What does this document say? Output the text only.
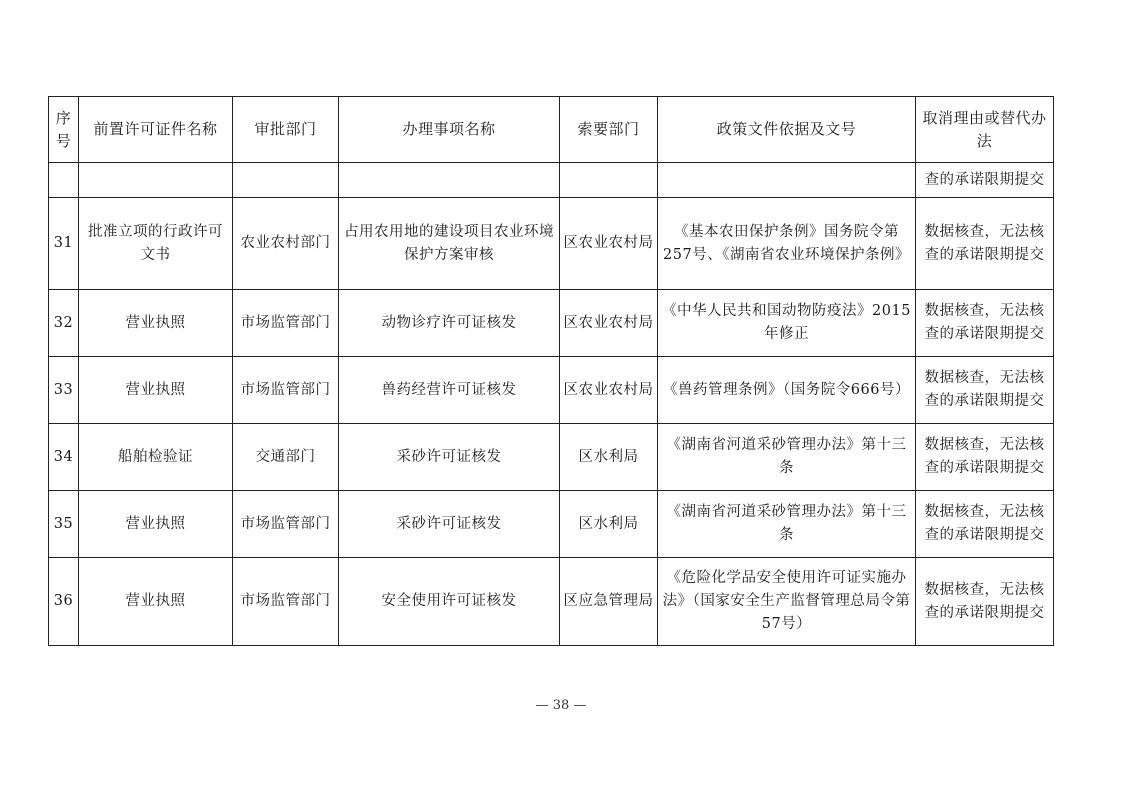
序号	前置许可证件名称	审批部门	办理事项名称	索要部门	政策文件依据及文号	取消理由或替代办法
						查的承诺限期提交
31	批准立项的行政许可文书	农业农村部门	占用农用地的建设项目农业环境保护方案审核	区农业农村局	《基本农田保护条例》国务院令第257号、《湖南省农业环境保护条例》	数据核查，无法核查的承诺限期提交
32	营业执照	市场监管部门	动物诊疗许可证核发	区农业农村局	《中华人民共和国动物防疫法》2015年修正	数据核查，无法核查的承诺限期提交
33	营业执照	市场监管部门	兽药经营许可证核发	区农业农村局	《兽药管理条例》（国务院令666号）	数据核查，无法核查的承诺限期提交
34	船舶检验证	交通部门	采砂许可证核发	区水利局	《湖南省河道采砂管理办法》第十三条	数据核查，无法核查的承诺限期提交
35	营业执照	市场监管部门	采砂许可证核发	区水利局	《湖南省河道采砂管理办法》第十三条	数据核查，无法核查的承诺限期提交
36	营业执照	市场监管部门	安全使用许可证核发	区应急管理局	《危险化学品安全使用许可证实施办法》（国家安全生产监督管理总局令第57号）	数据核查，无法核查的承诺限期提交
— 38 —
